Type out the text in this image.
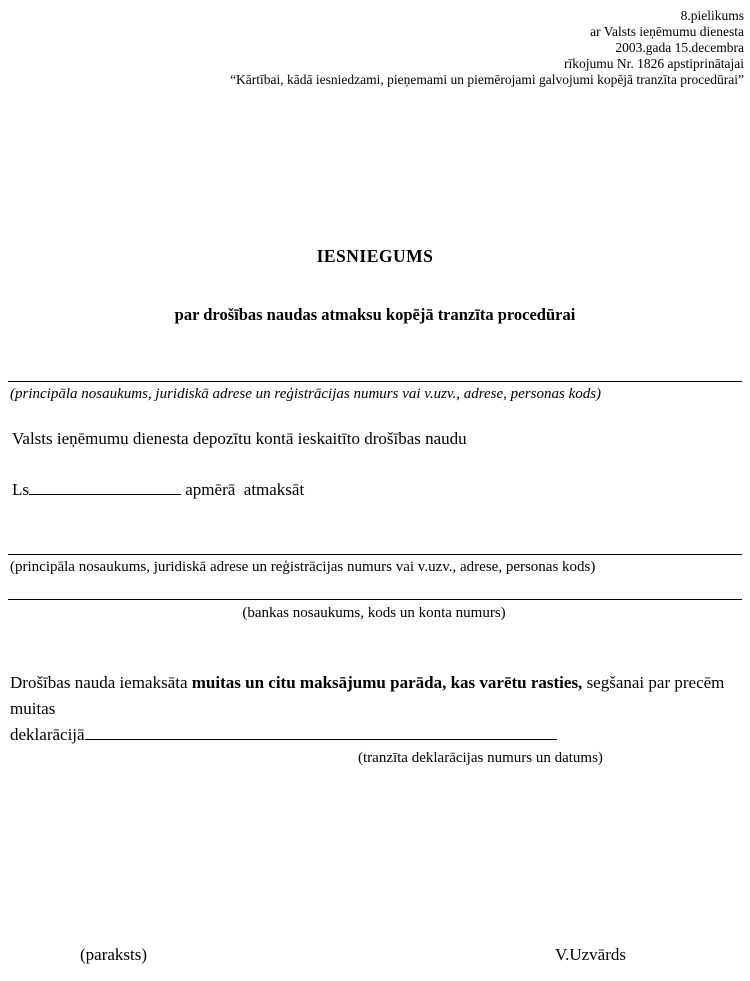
8.pielikums
ar Valsts ieņēmumu dienesta
2003.gada 15.decembra
rīkojumu Nr. 1826 apstiprinātajai
“Kārtībai, kādā iesniedzami, pieņemami un piemērojami galvojumi kopējā tranzīta procedūrai”
IESNIEGUMS
par drošības naudas atmaksu kopējā tranzīta procedūrai
(principāla nosaukums, juridiskā adrese un reģistrācijas numurs vai v.uzv., adrese, personas kods)
Valsts ieņēmumu dienesta depozītu kontā ieskaitīto drošības naudu
Ls	apmērā  atmaksāt
(principāla nosaukums, juridiskā adrese un reģistrācijas numurs vai v.uzv., adrese, personas kods)
(bankas nosaukums, kods un konta numurs)
Drošības nauda iemaksāta muitas un citu maksājumu parāda, kas varētu rasties, segšanai par precēm muitas
deklarācijā
(tranzīta deklarācijas numurs un datums)
(paraksts)	V.Uzvārds
